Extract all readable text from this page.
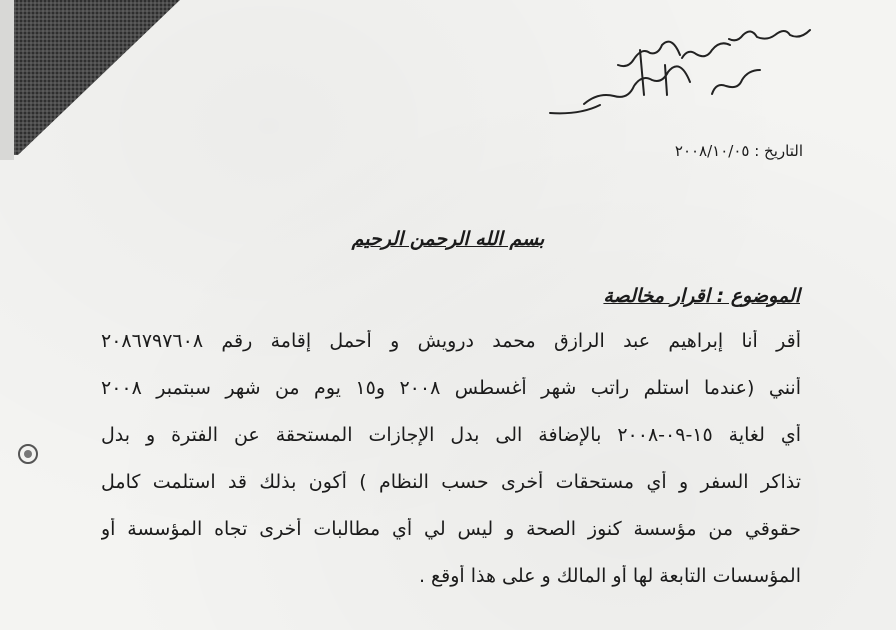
التاريخ : ٢٠٠٨/١٠/٠٥
بسم الله الرحمن الرحيم
الموضوع : اقرار مخالصة
أقر أنا إبراهيم عبد الرازق محمد درويش و أحمل إقامة رقم ٢٠٨٦٧٩٧٦٠٨
أنني (عندما استلم راتب شهر أغسطس ٢٠٠٨ و١٥ يوم من شهر سبتمبر ٢٠٠٨
أي لغاية ١٥-٠٩-٢٠٠٨ بالإضافة الى بدل الإجازات المستحقة عن الفترة و بدل
تذاكر السفر و أي مستحقات أخرى حسب النظام ) أكون بذلك قد استلمت كامل
حقوقي من مؤسسة كنوز الصحة و ليس لي أي مطالبات أخرى تجاه المؤسسة أو
المؤسسات التابعة لها أو المالك و على هذا أوقع .
